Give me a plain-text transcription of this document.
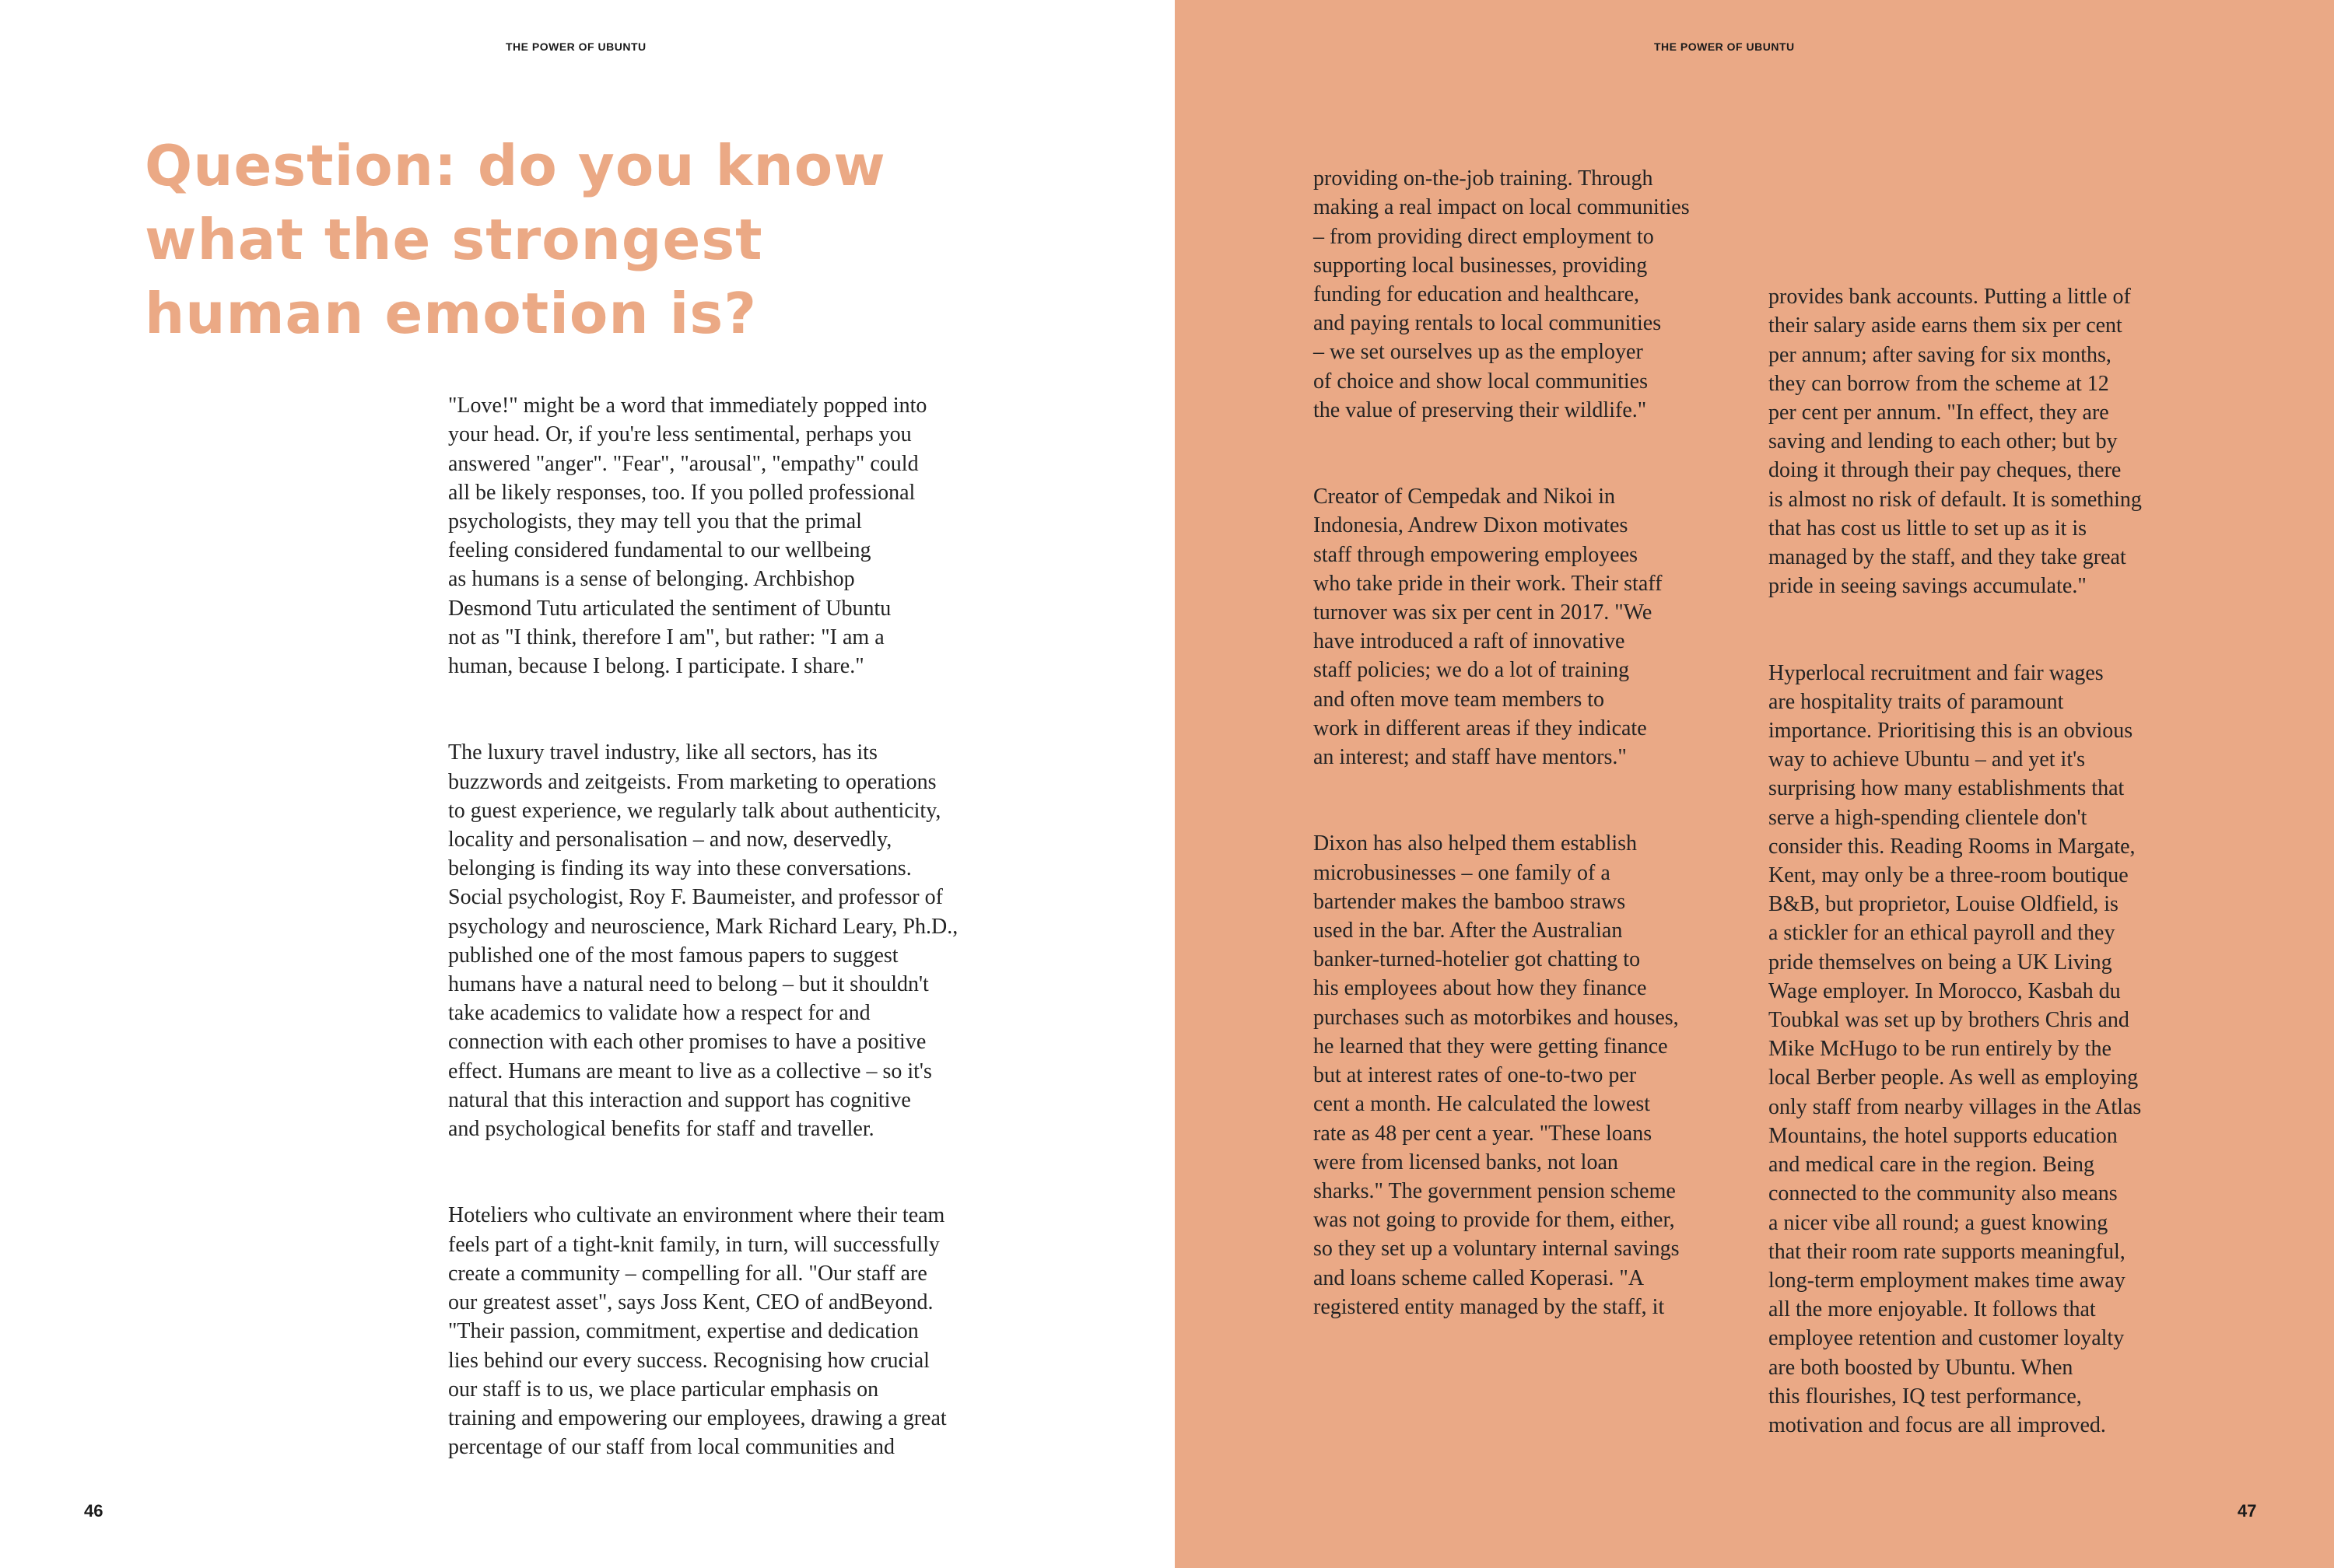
THE POWER OF UBUNTU
Question: do you know what the strongest human emotion is?

"Love!" might be a word that immediately popped into
your head. Or, if you're less sentimental, perhaps you
answered "anger". "Fear", "arousal", "empathy" could
all be likely responses, too. If you polled professional
psychologists, they may tell you that the primal
feeling considered fundamental to our wellbeing
as humans is a sense of belonging. Archbishop
Desmond Tutu articulated the sentiment of Ubuntu
not as "I think, therefore I am", but rather: "I am a
human, because I belong. I participate. I share."

The luxury travel industry, like all sectors, has its
buzzwords and zeitgeists. From marketing to operations
to guest experience, we regularly talk about authenticity,
locality and personalisation – and now, deservedly,
belonging is finding its way into these conversations.
Social psychologist, Roy F. Baumeister, and professor of
psychology and neuroscience, Mark Richard Leary, Ph.D.,
published one of the most famous papers to suggest
humans have a natural need to belong – but it shouldn't
take academics to validate how a respect for and
connection with each other promises to have a positive
effect. Humans are meant to live as a collective – so it's
natural that this interaction and support has cognitive
and psychological benefits for staff and traveller.

Hoteliers who cultivate an environment where their team
feels part of a tight-knit family, in turn, will successfully
create a community – compelling for all. "Our staff are
our greatest asset", says Joss Kent, CEO of andBeyond.
"Their passion, commitment, expertise and dedication
lies behind our every success. Recognising how crucial
our staff is to us, we place particular emphasis on
training and empowering our employees, drawing a great
percentage of our staff from local communities and

46
THE POWER OF UBUNTU

providing on-the-job training. Through
making a real impact on local communities
– from providing direct employment to
supporting local businesses, providing
funding for education and healthcare,
and paying rentals to local communities
– we set ourselves up as the employer
of choice and show local communities
the value of preserving their wildlife."

Creator of Cempedak and Nikoi in
Indonesia, Andrew Dixon motivates
staff through empowering employees
who take pride in their work. Their staff
turnover was six per cent in 2017. "We
have introduced a raft of innovative
staff policies; we do a lot of training
and often move team members to
work in different areas if they indicate
an interest; and staff have mentors."

Dixon has also helped them establish
microbusinesses – one family of a
bartender makes the bamboo straws
used in the bar. After the Australian
banker-turned-hotelier got chatting to
his employees about how they finance
purchases such as motorbikes and houses,
he learned that they were getting finance
but at interest rates of one-to-two per
cent a month. He calculated the lowest
rate as 48 per cent a year. "These loans
were from licensed banks, not loan
sharks." The government pension scheme
was not going to provide for them, either,
so they set up a voluntary internal savings
and loans scheme called Koperasi. "A
registered entity managed by the staff, it

provides bank accounts. Putting a little of
their salary aside earns them six per cent
per annum; after saving for six months,
they can borrow from the scheme at 12
per cent per annum. "In effect, they are
saving and lending to each other; but by
doing it through their pay cheques, there
is almost no risk of default. It is something
that has cost us little to set up as it is
managed by the staff, and they take great
pride in seeing savings accumulate."

Hyperlocal recruitment and fair wages
are hospitality traits of paramount
importance. Prioritising this is an obvious
way to achieve Ubuntu – and yet it's
surprising how many establishments that
serve a high-spending clientele don't
consider this. Reading Rooms in Margate,
Kent, may only be a three-room boutique
B&B, but proprietor, Louise Oldfield, is
a stickler for an ethical payroll and they
pride themselves on being a UK Living
Wage employer. In Morocco, Kasbah du
Toubkal was set up by brothers Chris and
Mike McHugo to be run entirely by the
local Berber people. As well as employing
only staff from nearby villages in the Atlas
Mountains, the hotel supports education
and medical care in the region. Being
connected to the community also means
a nicer vibe all round; a guest knowing
that their room rate supports meaningful,
long-term employment makes time away
all the more enjoyable. It follows that
employee retention and customer loyalty
are both boosted by Ubuntu. When
this flourishes, IQ test performance,
motivation and focus are all improved.

47
